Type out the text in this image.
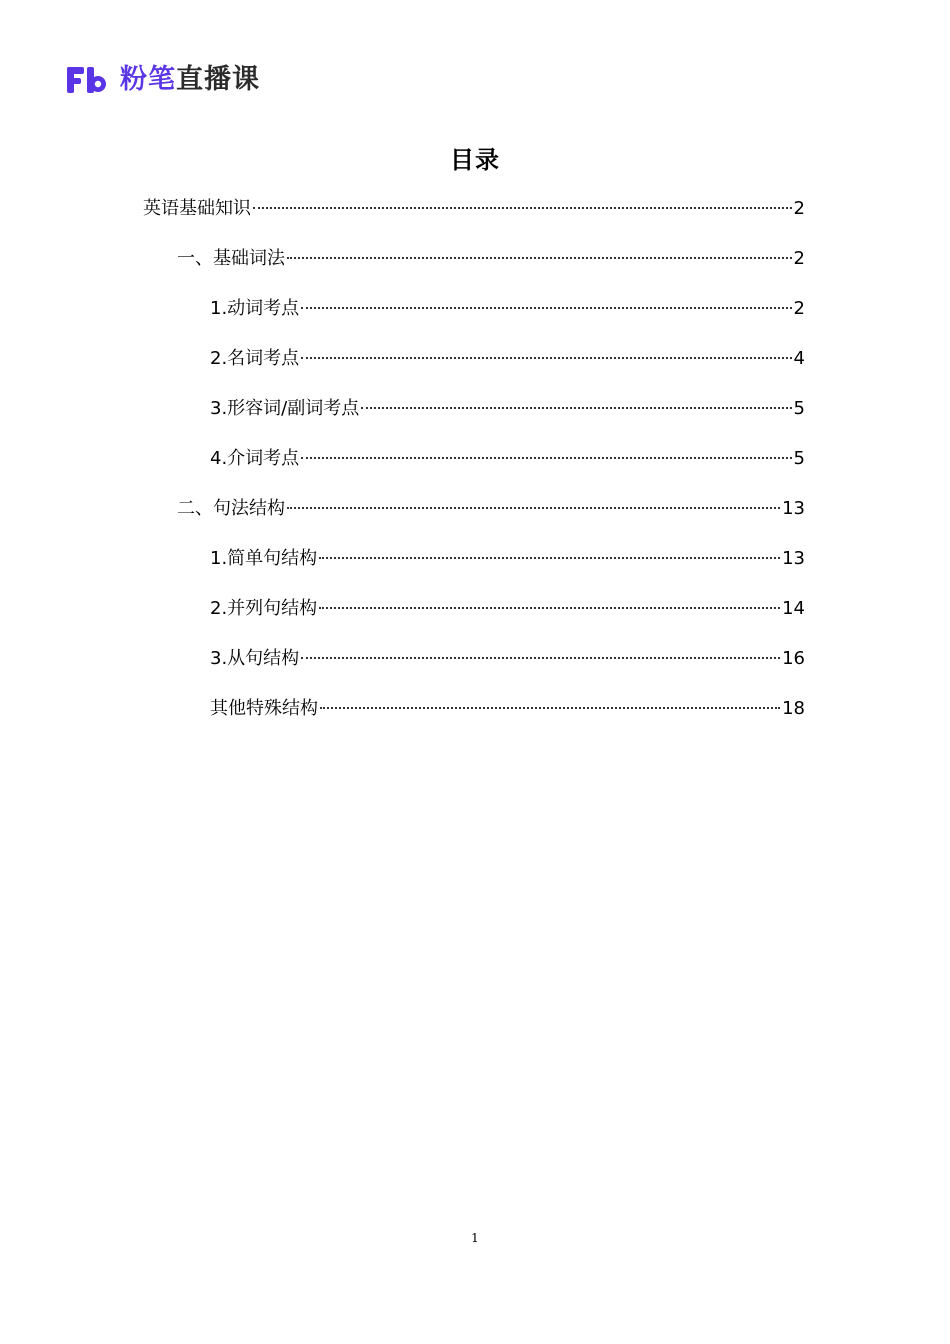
粉笔直播课
目录
英语基础知识	2
一、基础词法	2
1.动词考点	2
2.名词考点	4
3.形容词/副词考点	5
4.介词考点	5
二、句法结构	13
1.简单句结构	13
2.并列句结构	14
3.从句结构	16
其他特殊结构	18
1
